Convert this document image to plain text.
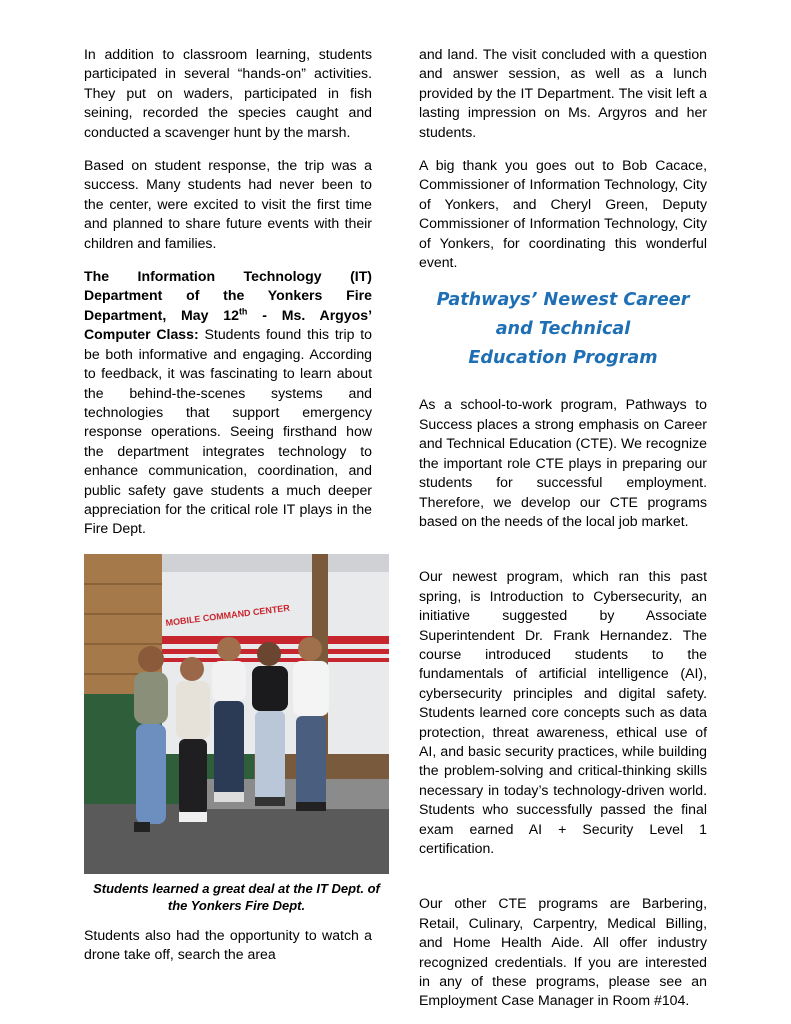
In addition to classroom learning, students participated in several “hands-on” activities. They put on waders, participated in fish seining, recorded the species caught and conducted a scavenger hunt by the marsh.

Based on student response, the trip was a success. Many students had never been to the center, were excited to visit the first time and planned to share future events with their children and families.

The Information Technology (IT) Department of the Yonkers Fire Department, May 12th - Ms. Argyos’ Computer Class: Students found this trip to be both informative and engaging. According to feedback, it was fascinating to learn about the behind-the-scenes systems and technologies that support emergency response operations. Seeing firsthand how the department integrates technology to enhance communication, coordination, and public safety gave students a much deeper appreciation for the critical role IT plays in the Fire Dept.

MOBILE COMMAND CENTER
Students learned a great deal at the IT Dept. of the Yonkers Fire Dept.

Students also had the opportunity to watch a drone take off, search the area

and land. The visit concluded with a question and answer session, as well as a lunch provided by the IT Department. The visit left a lasting impression on Ms. Argyros and her students.

A big thank you goes out to Bob Cacace, Commissioner of Information Technology, City of Yonkers, and Cheryl Green, Deputy Commissioner of Information Technology, City of Yonkers, for coordinating this wonderful event.

Pathways’ Newest Career
and Technical
Education Program

As a school-to-work program, Pathways to Success places a strong emphasis on Career and Technical Education (CTE). We recognize the important role CTE plays in preparing our students for successful employment. Therefore, we develop our CTE programs based on the needs of the local job market.

Our newest program, which ran this past spring, is Introduction to Cybersecurity, an initiative suggested by Associate Superintendent Dr. Frank Hernandez. The course introduced students to the fundamentals of artificial intelligence (AI), cybersecurity principles and digital safety. Students learned core concepts such as data protection, threat awareness, ethical use of AI, and basic security practices, while building the problem-solving and critical-thinking skills necessary in today’s technology-driven world. Students who successfully passed the final exam earned AI + Security Level 1 certification.

Our other CTE programs are Barbering, Retail, Culinary, Carpentry, Medical Billing, and Home Health Aide. All offer industry recognized credentials. If you are interested in any of these programs, please see an Employment Case Manager in Room #104.
